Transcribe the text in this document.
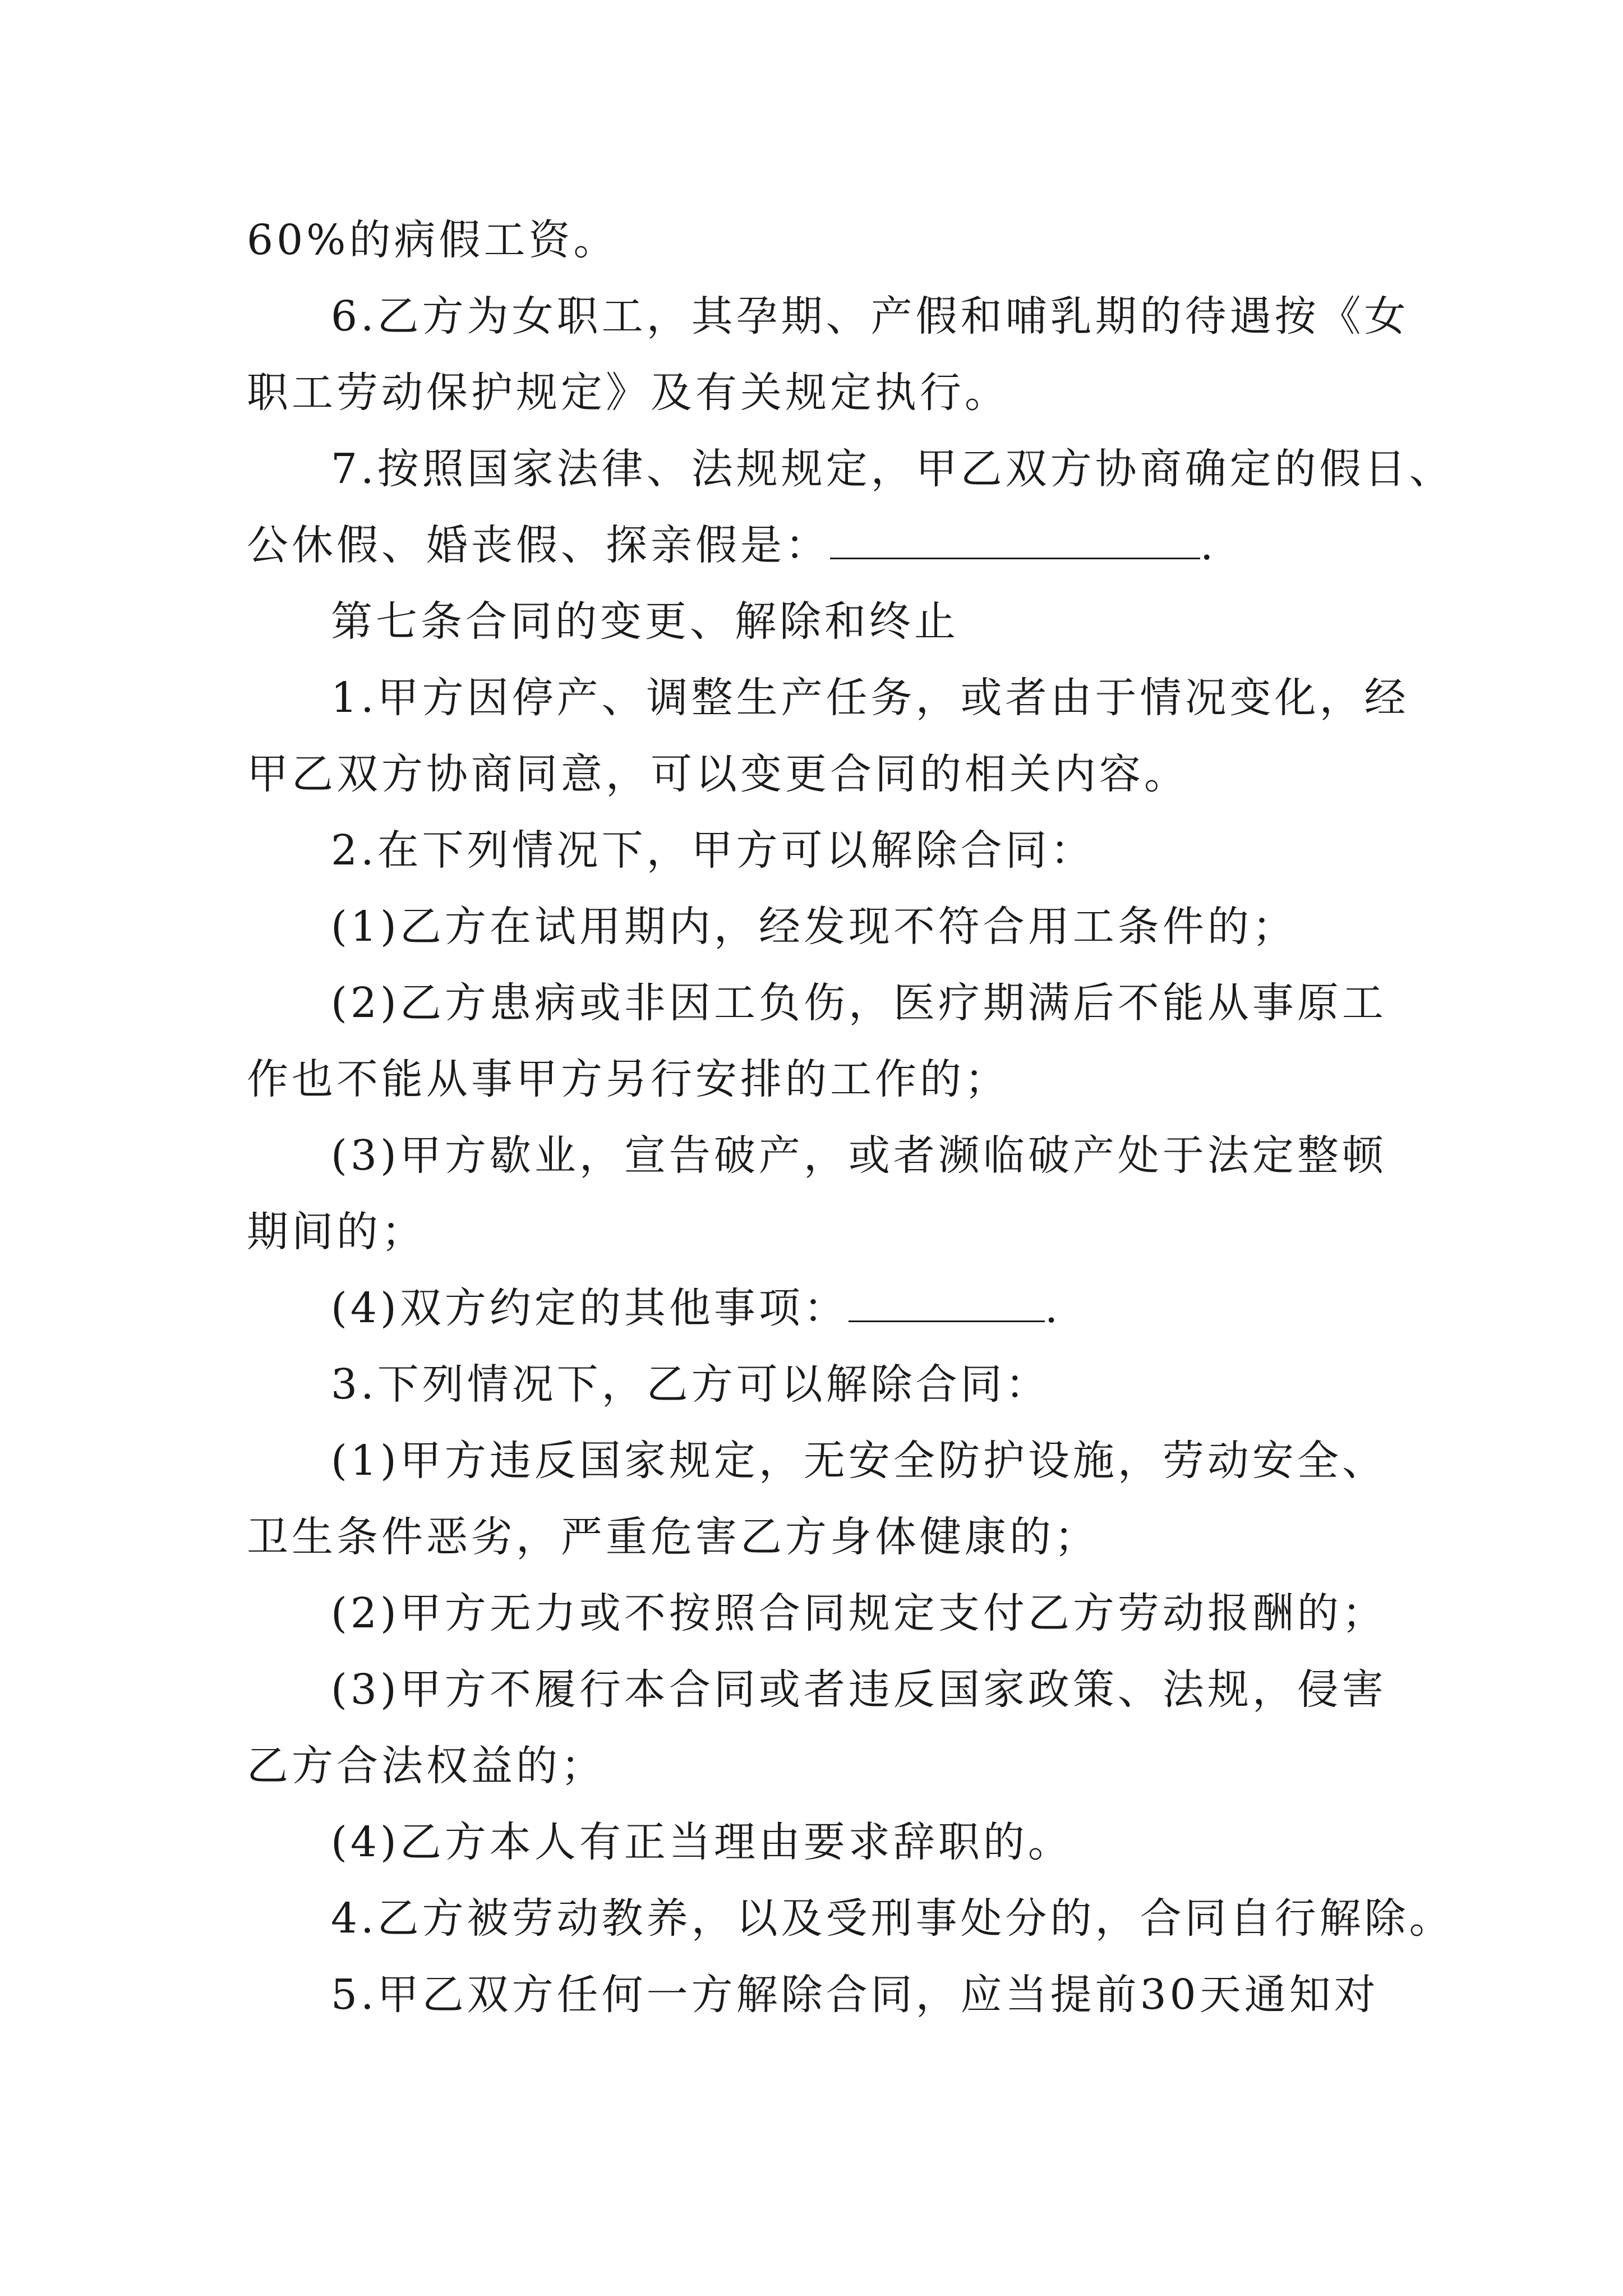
60%的病假工资。
6.乙方为女职工，其孕期、产假和哺乳期的待遇按《女
职工劳动保护规定》及有关规定执行。
7.按照国家法律、法规规定，甲乙双方协商确定的假日、
公休假、婚丧假、探亲假是：	.
第七条合同的变更、解除和终止
1.甲方因停产、调整生产任务，或者由于情况变化，经
甲乙双方协商同意，可以变更合同的相关内容。
2.在下列情况下，甲方可以解除合同：
(1)乙方在试用期内，经发现不符合用工条件的；
(2)乙方患病或非因工负伤，医疗期满后不能从事原工
作也不能从事甲方另行安排的工作的；
(3)甲方歇业，宣告破产，或者濒临破产处于法定整顿
期间的；
(4)双方约定的其他事项：	.
3.下列情况下，乙方可以解除合同：
(1)甲方违反国家规定，无安全防护设施，劳动安全、
卫生条件恶劣，严重危害乙方身体健康的；
(2)甲方无力或不按照合同规定支付乙方劳动报酬的；
(3)甲方不履行本合同或者违反国家政策、法规，侵害
乙方合法权益的；
(4)乙方本人有正当理由要求辞职的。
4.乙方被劳动教养，以及受刑事处分的，合同自行解除。
5.甲乙双方任何一方解除合同，应当提前30天通知对
